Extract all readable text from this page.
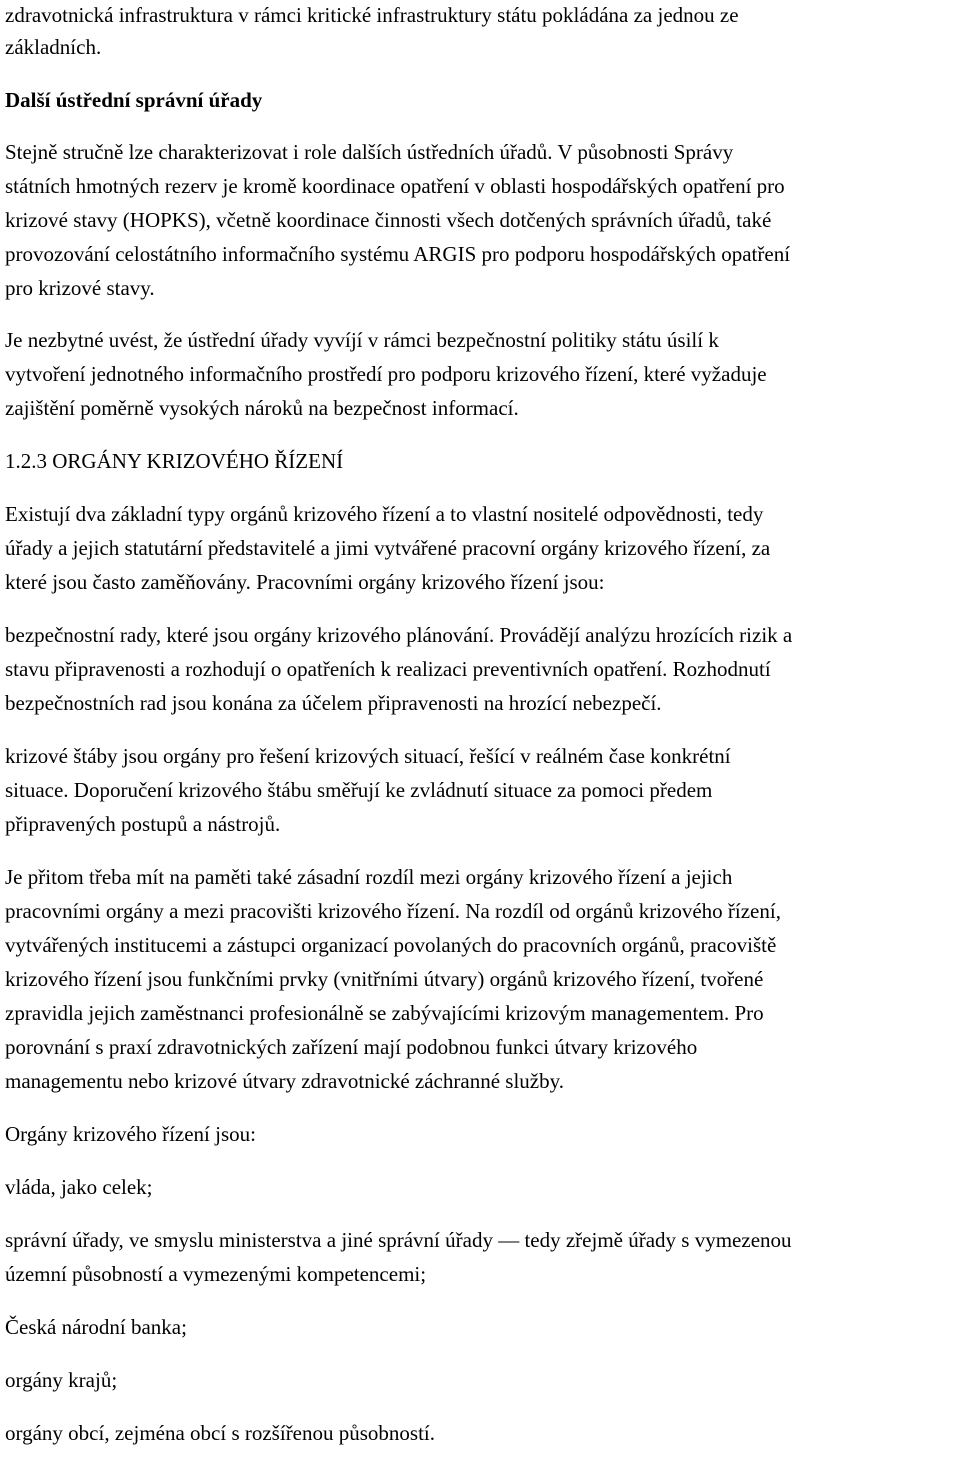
zdravotnická infrastruktura v rámci kritické infrastruktury státu pokládána za jednou ze
základních.
Další ústřední správní úřady
Stejně stručně lze charakterizovat i role dalších ústředních úřadů. V působnosti Správy
státních hmotných rezerv je kromě koordinace opatření v oblasti hospodářských opatření pro
krizové stavy (HOPKS), včetně koordinace činnosti všech dotčených správních úřadů, také
provozování celostátního informačního systému ARGIS pro podporu hospodářských opatření
pro krizové stavy.
Je nezbytné uvést, že ústřední úřady vyvíjí v rámci bezpečnostní politiky státu úsilí k
vytvoření jednotného informačního prostředí pro podporu krizového řízení, které vyžaduje
zajištění poměrně vysokých nároků na bezpečnost informací.
1.2.3 ORGÁNY KRIZOVÉHO ŘÍZENÍ
Existují dva základní typy orgánů krizového řízení a to vlastní nositelé odpovědnosti, tedy
úřady a jejich statutární představitelé a jimi vytvářené pracovní orgány krizového řízení, za
které jsou často zaměňovány. Pracovními orgány krizového řízení jsou:
bezpečnostní rady, které jsou orgány krizového plánování. Provádějí analýzu hrozících rizik a
stavu připravenosti a rozhodují o opatřeních k realizaci preventivních opatření. Rozhodnutí
bezpečnostních rad jsou konána za účelem připravenosti na hrozící nebezpečí.
krizové štáby jsou orgány pro řešení krizových situací, řešící v reálném čase konkrétní
situace. Doporučení krizového štábu směřují ke zvládnutí situace za pomoci předem
připravených postupů a nástrojů.
Je přitom třeba mít na paměti také zásadní rozdíl mezi orgány krizového řízení a jejich
pracovními orgány a mezi pracovišti krizového řízení. Na rozdíl od orgánů krizového řízení,
vytvářených institucemi a zástupci organizací povolaných do pracovních orgánů, pracoviště
krizového řízení jsou funkčními prvky (vnitřními útvary) orgánů krizového řízení, tvořené
zpravidla jejich zaměstnanci profesionálně se zabývajícími krizovým managementem. Pro
porovnání s praxí zdravotnických zařízení mají podobnou funkci útvary krizového
managementu nebo krizové útvary zdravotnické záchranné služby.
Orgány krizového řízení jsou:
vláda, jako celek;
správní úřady, ve smyslu ministerstva a jiné správní úřady — tedy zřejmě úřady s vymezenou
územní působností a vymezenými kompetencemi;
Česká národní banka;
orgány krajů;
orgány obcí, zejména obcí s rozšířenou působností.
